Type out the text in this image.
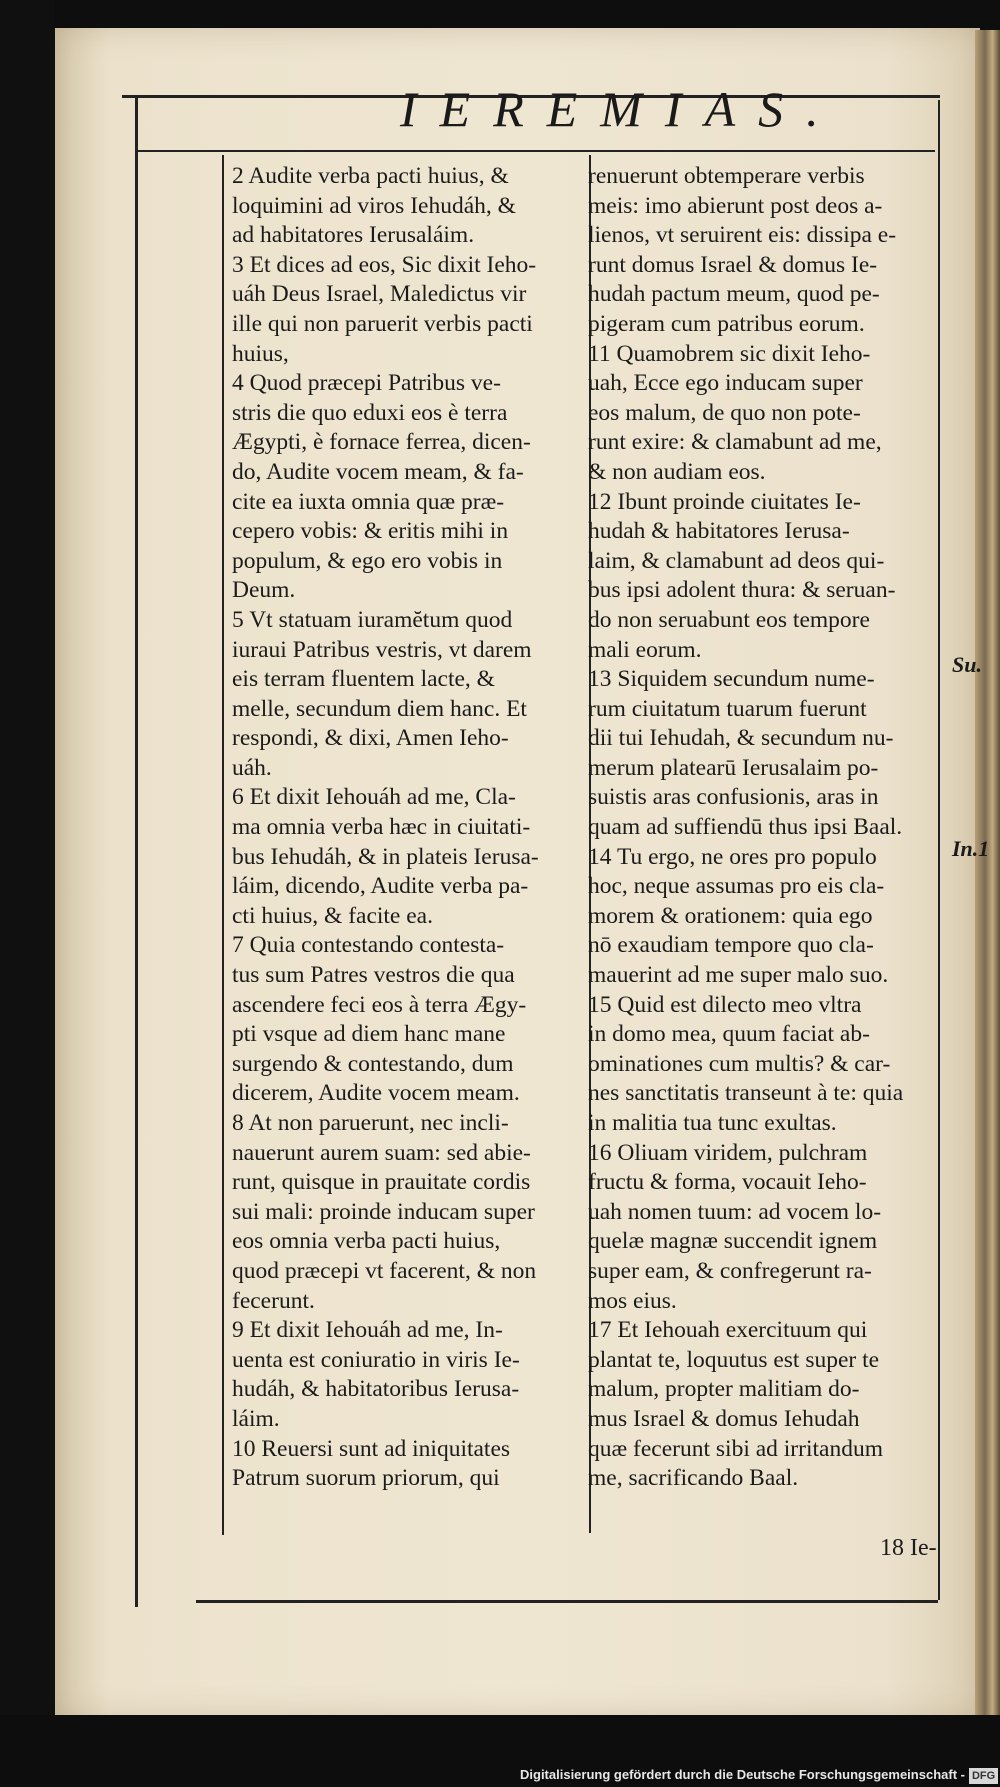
IEREMIAS.
2 Audite verba pacti huius, &
loquimini ad viros Iehudáh, &
ad habitatores Ierusaláim.
3 Et dices ad eos, Sic dixit Ieho-
uáh Deus Israel, Maledictus vir
ille qui non paruerit verbis pacti
huius,
4 Quod præcepi Patribus ve-
stris die quo eduxi eos è terra
Ægypti, è fornace ferrea, dicen-
do, Audite vocem meam, & fa-
cite ea iuxta omnia quæ præ-
cepero vobis: & eritis mihi in
populum, & ego ero vobis in
Deum.
5 Vt statuam iuramĕtum quod
iuraui Patribus vestris, vt darem
eis terram fluentem lacte, &
melle, secundum diem hanc. Et
respondi, & dixi, Amen Ieho-
uáh.
6 Et dixit Iehouáh ad me, Cla-
ma omnia verba hæc in ciuitati-
bus Iehudáh, & in plateis Ierusa-
láim, dicendo, Audite verba pa-
cti huius, & facite ea.
7 Quia contestando contesta-
tus sum Patres vestros die qua
ascendere feci eos à terra Ægy-
pti vsque ad diem hanc mane
surgendo & contestando, dum
dicerem, Audite vocem meam.
8 At non paruerunt, nec incli-
nauerunt aurem suam: sed abie-
runt, quisque in prauitate cordis
sui mali: proinde inducam super
eos omnia verba pacti huius,
quod præcepi vt facerent, & non
fecerunt.
9 Et dixit Iehouáh ad me, In-
uenta est coniuratio in viris Ie-
hudáh, & habitatoribus Ierusa-
láim.
10 Reuersi sunt ad iniquitates
Patrum suorum priorum, qui
renuerunt obtemperare verbis
meis: imo abierunt post deos a-
lienos, vt seruirent eis: dissipa e-
runt domus Israel & domus Ie-
hudah pactum meum, quod pe-
pigeram cum patribus eorum.
11 Quamobrem sic dixit Ieho-
uah, Ecce ego inducam super
eos malum, de quo non pote-
runt exire: & clamabunt ad me,
& non audiam eos.
12 Ibunt proinde ciuitates Ie-
hudah & habitatores Ierusa-
laim, & clamabunt ad deos qui-
bus ipsi adolent thura: & seruan-
do non seruabunt eos tempore
mali eorum.
13 Siquidem secundum nume-
rum ciuitatum tuarum fuerunt
dii tui Iehudah, & secundum nu-
merum platearū Ierusalaim po-
suistis aras confusionis, aras in
quam ad suffiendū thus ipsi Baal.
14 Tu ergo, ne ores pro populo
hoc, neque assumas pro eis cla-
morem & orationem: quia ego
nō exaudiam tempore quo cla-
mauerint ad me super malo suo.
15 Quid est dilecto meo vltra
in domo mea, quum faciat ab-
ominationes cum multis? & car-
nes sanctitatis transeunt à te: quia
in malitia tua tunc exultas.
16 Oliuam viridem, pulchram
fructu & forma, vocauit Ieho-
uah nomen tuum: ad vocem lo-
quelæ magnæ succendit ignem
super eam, & confregerunt ra-
mos eius.
17 Et Iehouah exercituum qui
plantat te, loquutus est super te
malum, propter malitiam do-
mus Israel & domus Iehudah
quæ fecerunt sibi ad irritandum
me, sacrificando Baal.
Su.
In.1
18 Ie-
Digitalisierung gefördert durch die Deutsche Forschungsgemeinschaft - DFG
